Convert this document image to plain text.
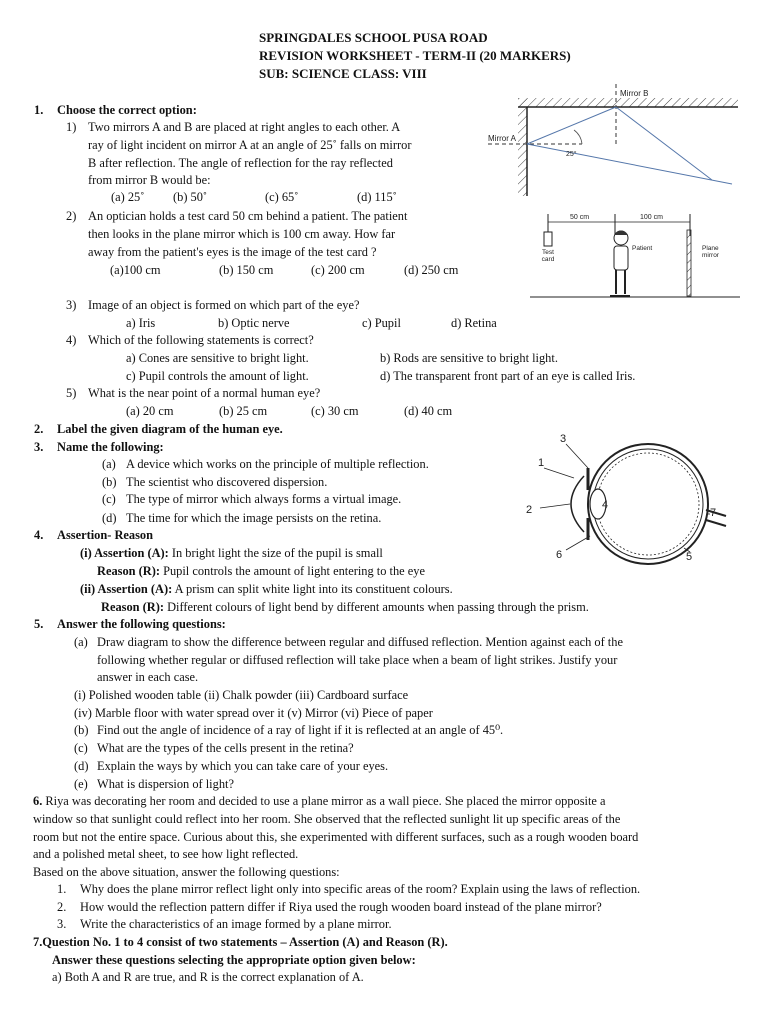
SPRINGDALES SCHOOL PUSA ROAD
REVISION WORKSHEET - TERM-II (20 MARKERS)
SUB: SCIENCE CLASS: VIII
1. Choose the correct option:
1) Two mirrors A and B are placed at right angles to each other. A
ray of light incident on mirror A at an angle of 25˚ falls on mirror
B after reflection. The angle of reflection for the ray reflected
from mirror B would be:
(a) 25˚ (b) 50˚	(c) 65˚	(d) 115˚
2) An optician holds a test card 50 cm behind a patient. The patient
then looks in the plane mirror which is 100 cm away. How far
away from the patient's eyes is the image of the test card ?
(a)100 cm	(b) 150 cm	(c) 200 cm	(d) 250 cm
3) Image of an object is formed on which part of the eye?
a) Iris	b) Optic nerve	c) Pupil	d) Retina
4) Which of the following statements is correct?
a) Cones are sensitive to bright light.	b) Rods are sensitive to bright light.
c) Pupil controls the amount of light.	d) The transparent front part of an eye is called Iris.
5) What is the near point of a normal human eye?
(a) 20 cm	(b) 25 cm	(c) 30 cm	(d) 40 cm
2. Label the given diagram of the human eye.
3. Name the following:
(a) A device which works on the principle of multiple reflection.
(b) The scientist who discovered dispersion.
(c) The type of mirror which always forms a virtual image.
(d) The time for which the image persists on the retina.
4. Assertion- Reason
(i) Assertion (A): In bright light the size of the pupil is small
Reason (R): Pupil controls the amount of light entering to the eye
(ii) Assertion (A): A prism can split white light into its constituent colours.
Reason (R): Different colours of light bend by different amounts when passing through the prism.
5. Answer the following questions:
(a) Draw diagram to show the difference between regular and diffused reflection. Mention against each of the
following whether regular or diffused reflection will take place when a beam of light strikes. Justify your
answer in each case.
(i) Polished wooden table (ii) Chalk powder (iii) Cardboard surface
(iv) Marble floor with water spread over it (v) Mirror (vi) Piece of paper
(b) Find out the angle of incidence of a ray of light if it is reflected at an angle of 45⁰.
(c) What are the types of the cells present in the retina?
(d) Explain the ways by which you can take care of your eyes.
(e) What is dispersion of light?
6. Riya was decorating her room and decided to use a plane mirror as a wall piece. She placed the mirror opposite a
window so that sunlight could reflect into her room. She observed that the reflected sunlight lit up specific areas of the
room but not the entire space. Curious about this, she experimented with different surfaces, such as a rough wooden board
and a polished metal sheet, to see how light reflected.
Based on the above situation, answer the following questions:
1. Why does the plane mirror reflect light only into specific areas of the room? Explain using the laws of reflection.
2. How would the reflection pattern differ if Riya used the rough wooden board instead of the plane mirror?
3. Write the characteristics of an image formed by a plane mirror.
7.Question No. 1 to 4 consist of two statements – Assertion (A) and Reason (R).
Answer these questions selecting the appropriate option given below:
a) Both A and R are true, and R is the correct explanation of A.
Mirror B
Mirror A
25°
50 cm	100 cm
Test
card
Patient	Plane
mirror
1
2
3
4
5
6
7
